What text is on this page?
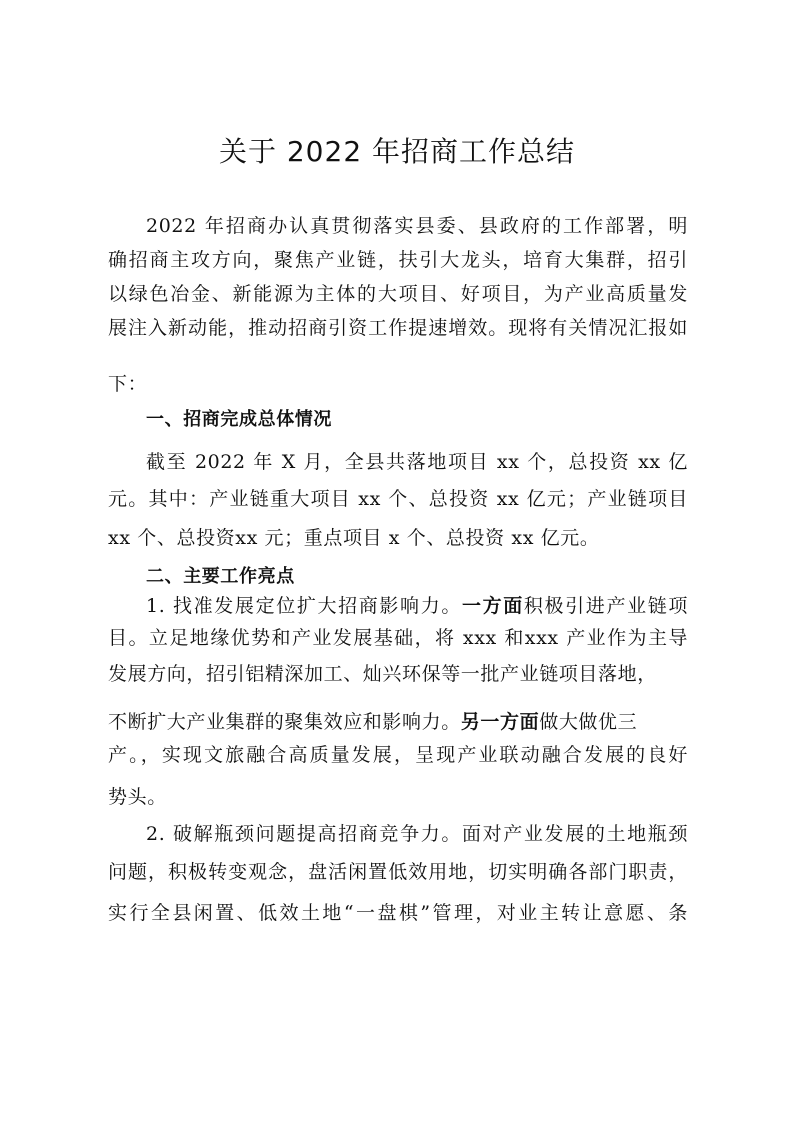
关于 2022 年招商工作总结
2022 年招商办认真贯彻落实县委、县政府的工作部署，明
确招商主攻方向，聚焦产业链，扶引大龙头，培育大集群，招引
以绿色冶金、新能源为主体的大项目、好项目，为产业高质量发
展注入新动能，推动招商引资工作提速增效。现将有关情况汇报如
下：
一、招商完成总体情况
截至 2022 年 X 月，全县共落地项目 xx 个，总投资 xx 亿
元。其中：产业链重大项目 xx 个、总投资 xx 亿元；产业链项目
xx 个、总投资xx 元；重点项目 x 个、总投资 xx 亿元。
二、主要工作亮点
1. 找准发展定位扩大招商影响力。一方面积极引进产业链项
目。立足地缘优势和产业发展基础，将 xxx 和xxx 产业作为主导
发展方向，招引铝精深加工、灿兴环保等一批产业链项目落地，
不断扩大产业集群的聚集效应和影响力。另一方面做大做优三
产。，实现文旅融合高质量发展，呈现产业联动融合发展的良好
势头。
2. 破解瓶颈问题提高招商竞争力。面对产业发展的土地瓶颈
问题，积极转变观念，盘活闲置低效用地，切实明确各部门职责，
实行全县闲置、低效土地“一盘棋”管理，对业主转让意愿、条
